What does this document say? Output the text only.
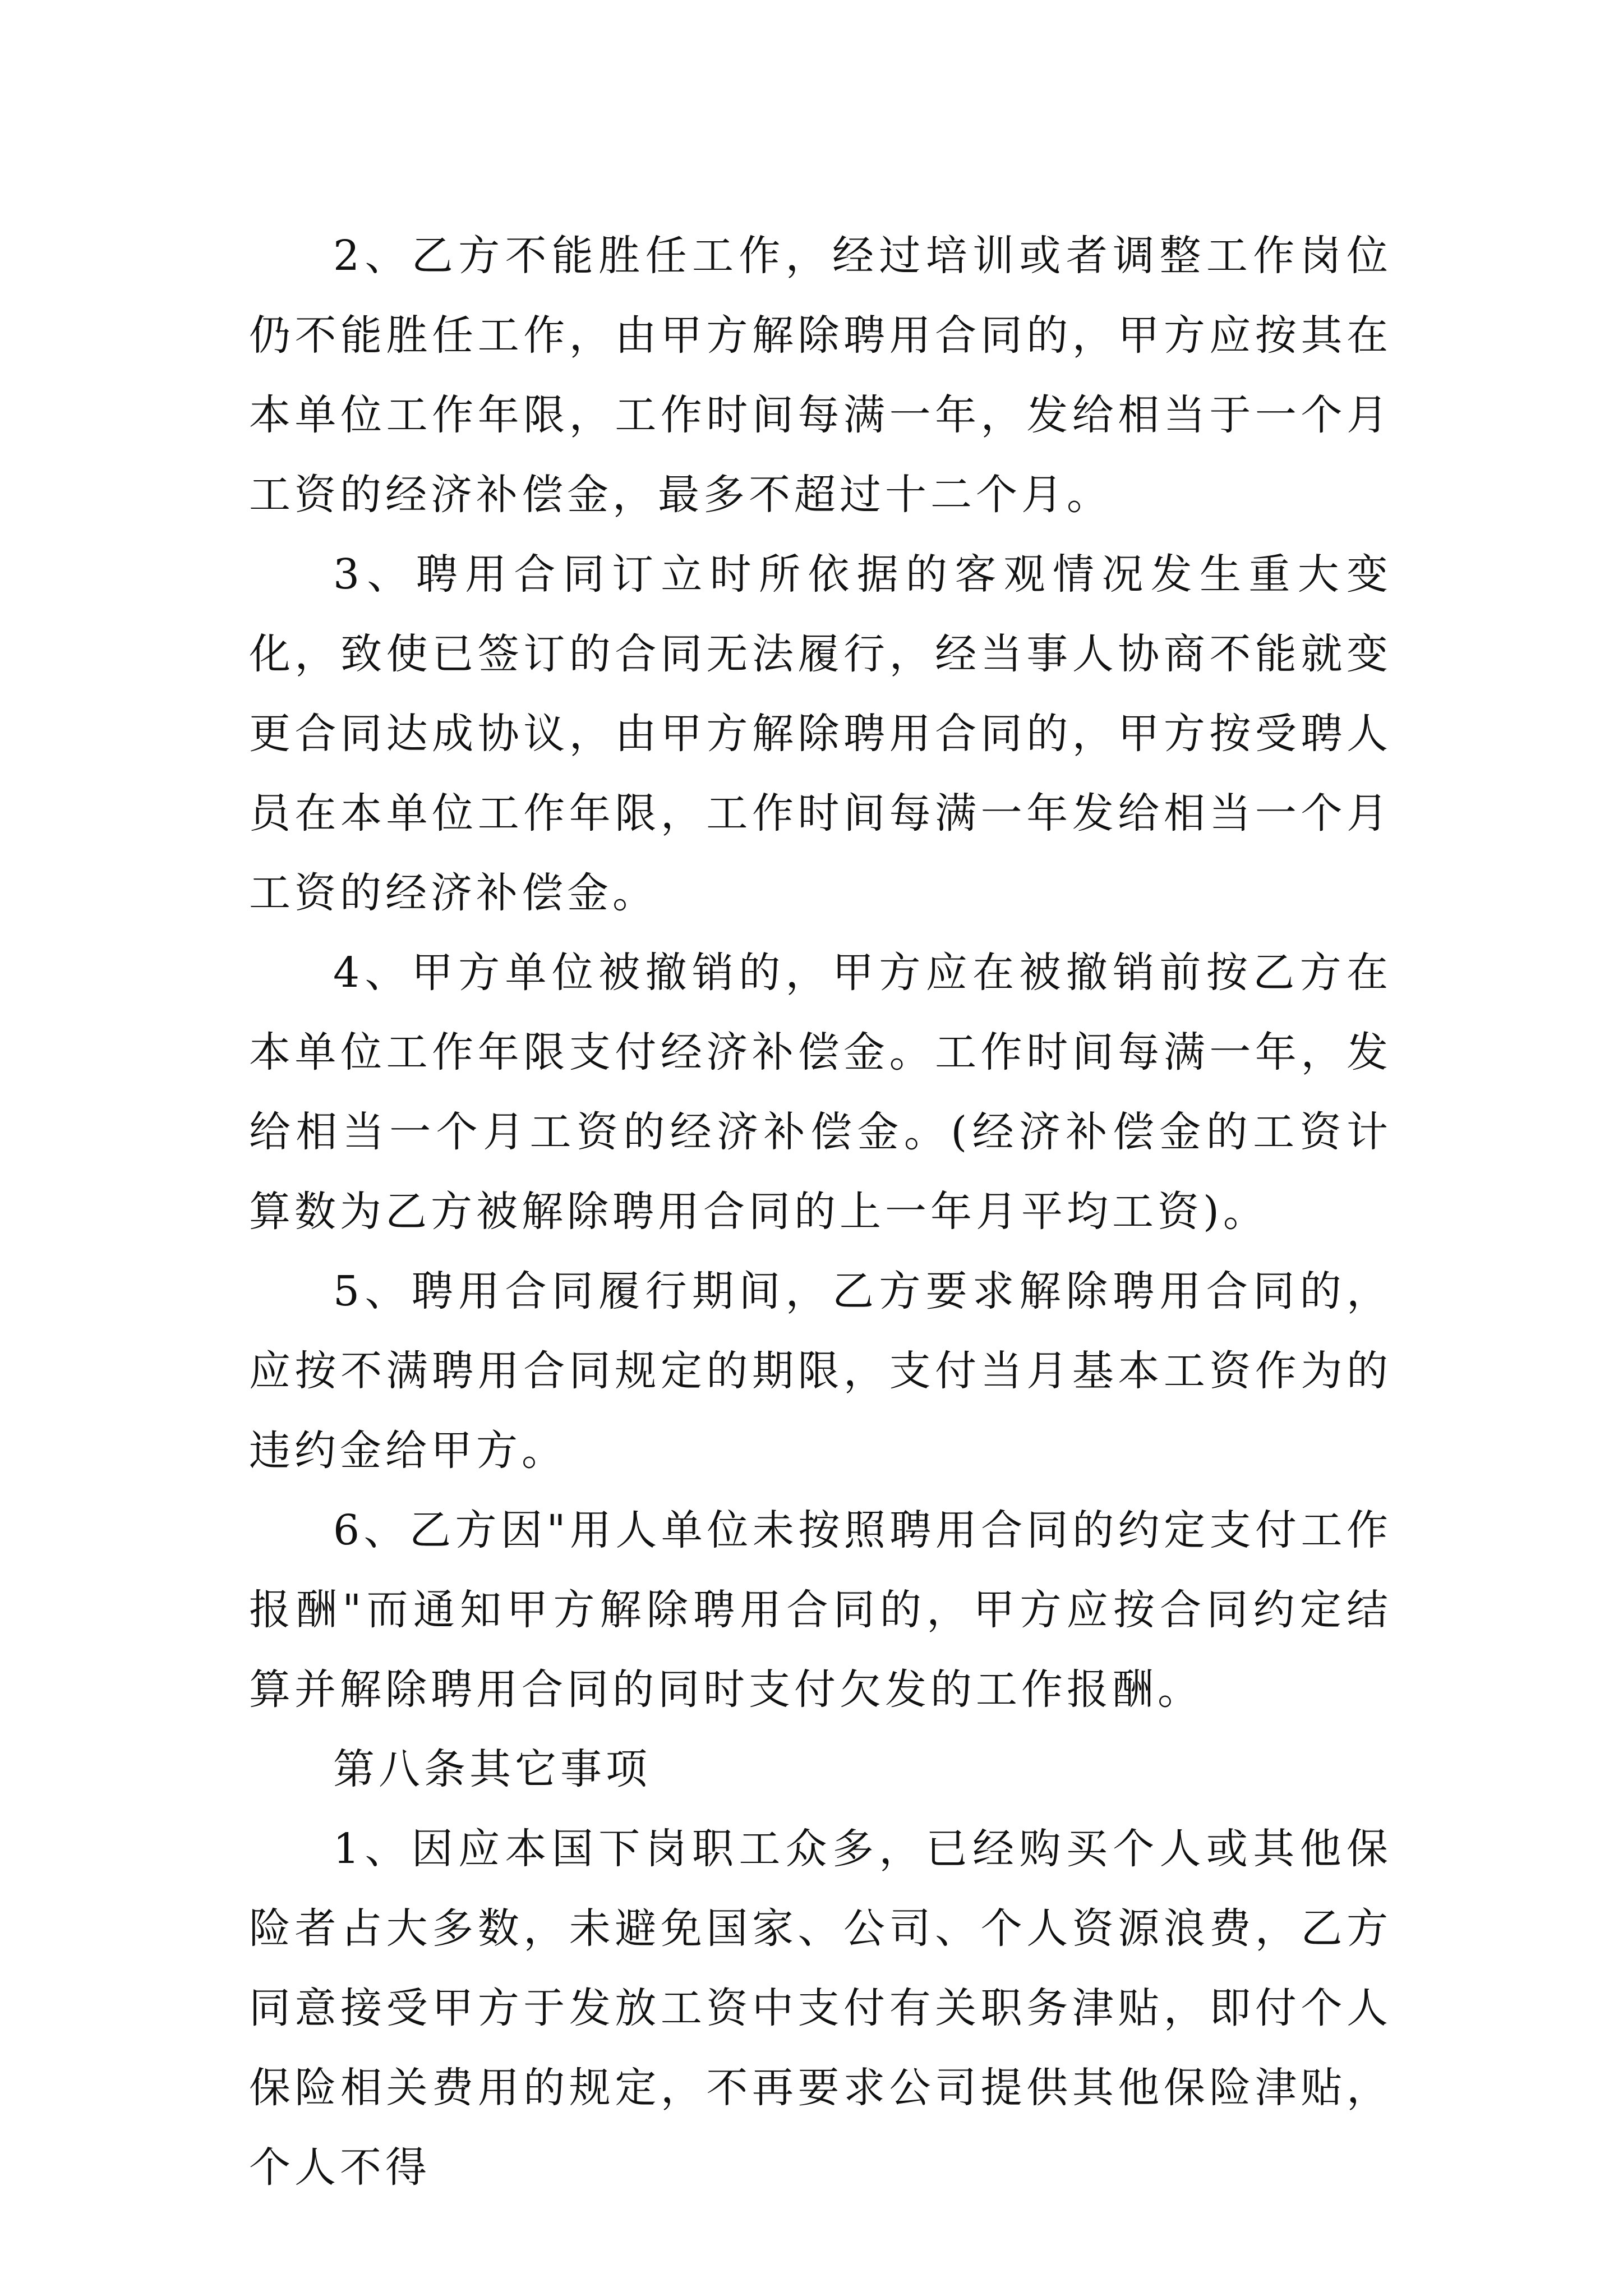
2、乙方不能胜任工作，经过培训或者调整工作岗位仍不能胜任工作，由甲方解除聘用合同的，甲方应按其在本单位工作年限，工作时间每满一年，发给相当于一个月工资的经济补偿金，最多不超过十二个月。

3、聘用合同订立时所依据的客观情况发生重大变化，致使已签订的合同无法履行，经当事人协商不能就变更合同达成协议，由甲方解除聘用合同的，甲方按受聘人员在本单位工作年限，工作时间每满一年发给相当一个月工资的经济补偿金。

4、甲方单位被撤销的，甲方应在被撤销前按乙方在本单位工作年限支付经济补偿金。工作时间每满一年，发给相当一个月工资的经济补偿金。(经济补偿金的工资计算数为乙方被解除聘用合同的上一年月平均工资)。

5、聘用合同履行期间，乙方要求解除聘用合同的，应按不满聘用合同规定的期限，支付当月基本工资作为的违约金给甲方。

6、乙方因"用人单位未按照聘用合同的约定支付工作报酬"而通知甲方解除聘用合同的，甲方应按合同约定结算并解除聘用合同的同时支付欠发的工作报酬。

第八条其它事项

1、因应本国下岗职工众多，已经购买个人或其他保险者占大多数，未避免国家、公司、个人资源浪费，乙方同意接受甲方于发放工资中支付有关职务津贴，即付个人保险相关费用的规定，不再要求公司提供其他保险津贴，个人不得
